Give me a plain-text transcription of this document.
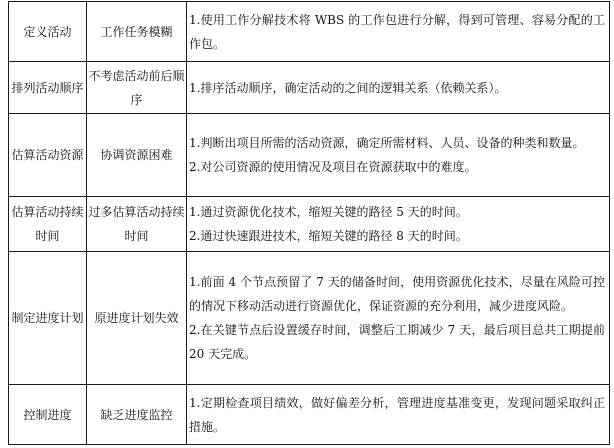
定义活动	工作任务模糊	1.使用工作分解技术将 WBS 的工作包进行分解，得到可管理、容易分配的工作包。

排列活动顺序	不考虑活动前后顺序	1.排序活动顺序，确定活动的之间的逻辑关系（依赖关系）。

估算活动资源	协调资源困难	1.判断出项目所需的活动资源，确定所需材料、人员、设备的种类和数量。

2.对公司资源的使用情况及项目在资源获取中的难度。

估算活动持续时间	过多估算活动持续时间	1.通过资源优化技术，缩短关键的路径 5 天的时间。

2.通过快速跟进技术，缩短关键的路径 8 天的时间。

制定进度计划	原进度计划失效	1.前面 4 个节点预留了 7 天的储备时间，使用资源优化技术，尽量在风险可控的情况下移动活动进行资源优化，保证资源的充分利用，减少进度风险。

2.在关键节点后设置缓存时间，调整后工期减少 7 天，最后项目总共工期提前 20 天完成。

控制进度	缺乏进度监控	1.定期检查项目绩效，做好偏差分析，管理进度基准变更，发现问题采取纠正措施。
